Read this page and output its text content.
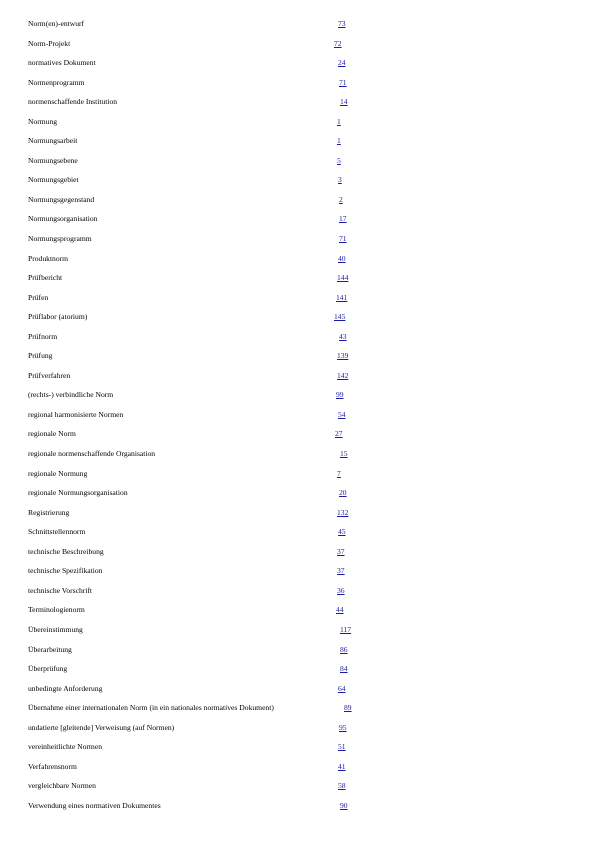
Norm(en)-entwurf	73
Norm-Projekt	72
normatives Dokument	24
Normenprogramm	71
normenschaffende Institution	14
Normung	1
Normungsarbeit	1
Normungsebene	5
Normungsgebiet	3
Normungsgegenstand	2
Normungsorganisation	17
Normungsprogramm	71
Produktnorm	40
Prüfbericht	144
Prüfen	141
Prüflabor (atorium)	145
Prüfnorm	43
Prüfung	139
Prüfverfahren	142
(rechts-) verbindliche Norm	99
regional harmonisierte Normen	54
regionale Norm	27
regionale normenschaffende Organisation	15
regionale Normung	7
regionale Normungsorganisation	20
Registrierung	132
Schnittstellennorm	45
technische Beschreibung	37
technische Spezifikation	37
technische Vorschrift	36
Terminologienorm	44
Übereinstimmung	117
Überarbeitung	86
Überprüfung	84
unbedingte Anforderung	64
Übernahme einer internationalen Norm (in ein nationales normatives Dokument)	89
undatierte [gleitende] Verweisung (auf Normen)	95
vereinheitlichte Normen	51
Verfahrensnorm	41
vergleichbare Normen	58
Verwendung eines normativen Dokumentes	90
